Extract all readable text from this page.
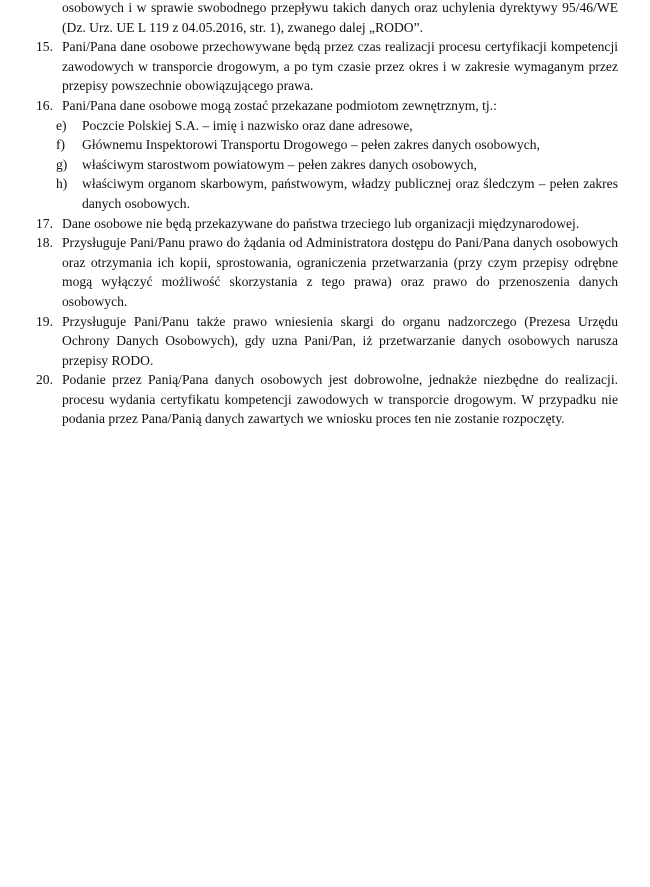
osobowych i w sprawie swobodnego przepływu takich danych oraz uchylenia dyrektywy 95/46/WE (Dz. Urz. UE L 119 z 04.05.2016, str. 1), zwanego dalej „RODO”.
15. Pani/Pana dane osobowe przechowywane będą przez czas realizacji procesu certyfikacji kompetencji zawodowych w transporcie drogowym, a po tym czasie przez okres i w zakresie wymaganym przez przepisy powszechnie obowiązującego prawa.
16. Pani/Pana dane osobowe mogą zostać przekazane podmiotom zewnętrznym, tj.:
e)	Poczcie Polskiej S.A. – imię i nazwisko oraz dane adresowe,
f)	Głównemu Inspektorowi Transportu Drogowego – pełen zakres danych osobowych,
g)	właściwym starostwom powiatowym – pełen zakres danych osobowych,
h)	właściwym organom skarbowym, państwowym, władzy publicznej oraz śledczym – pełen zakres danych osobowych.
17. Dane osobowe nie będą przekazywane do państwa trzeciego lub organizacji międzynarodowej.
18. Przysługuje Pani/Panu prawo do żądania od Administratora dostępu do Pani/Pana danych osobowych oraz otrzymania ich kopii, sprostowania, ograniczenia przetwarzania (przy czym przepisy odrębne mogą wyłączyć możliwość skorzystania z tego prawa) oraz prawo do przenoszenia danych osobowych.
19. Przysługuje Pani/Panu także prawo wniesienia skargi do organu nadzorczego (Prezesa Urzędu Ochrony Danych Osobowych), gdy uzna Pani/Pan, iż przetwarzanie danych osobowych narusza przepisy RODO.
20. Podanie przez Panią/Pana danych osobowych jest dobrowolne, jednakże niezbędne do realizacji. procesu wydania certyfikatu kompetencji zawodowych w transporcie drogowym. W przypadku nie podania przez Pana/Panią danych zawartych we wniosku proces ten nie zostanie rozpoczęty.
